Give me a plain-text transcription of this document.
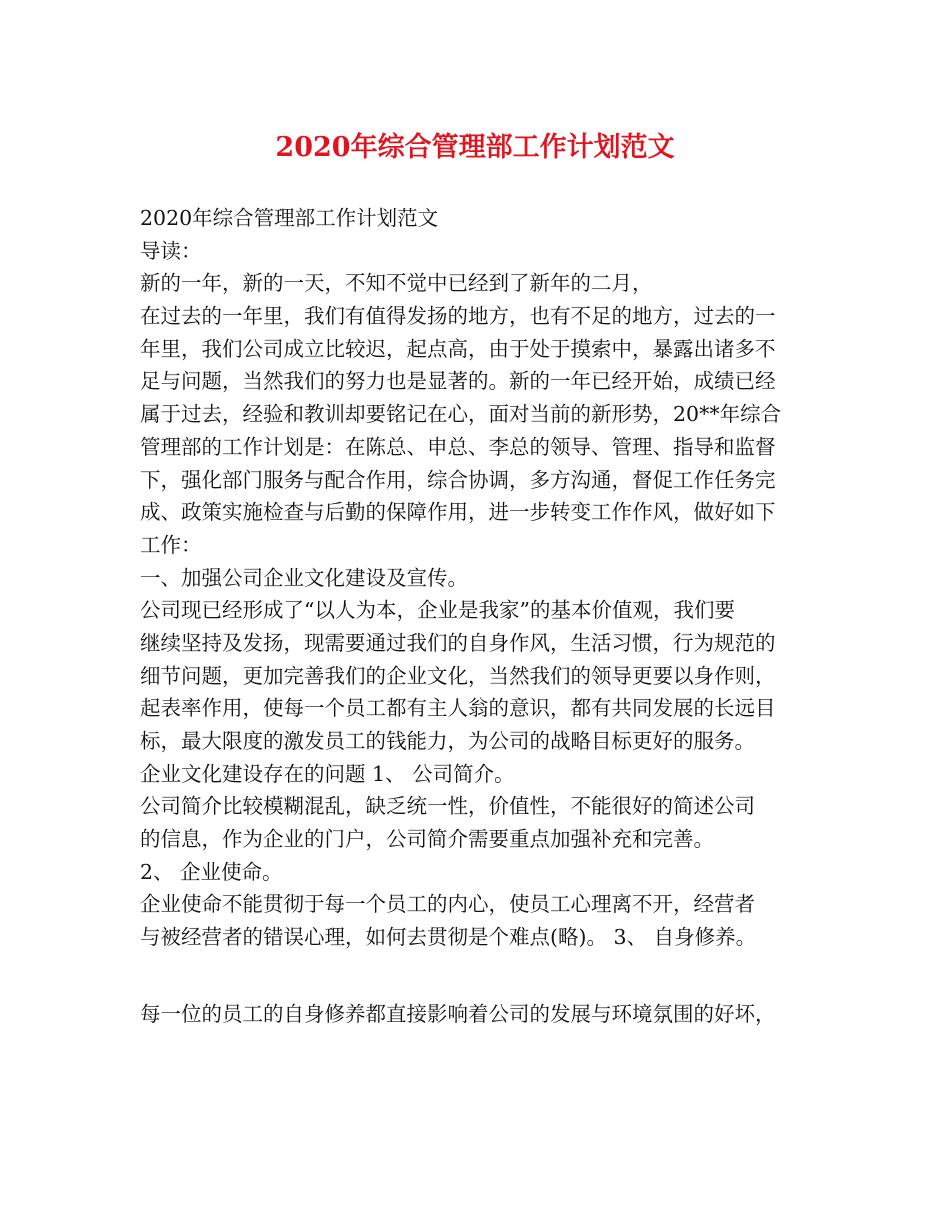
2020年综合管理部工作计划范文
2020年综合管理部工作计划范文
导读：
新的一年，新的一天，不知不觉中已经到了新年的二月，
在过去的一年里，我们有值得发扬的地方，也有不足的地方，过去的一
年里，我们公司成立比较迟，起点高，由于处于摸索中，暴露出诸多不
足与问题，当然我们的努力也是显著的。新的一年已经开始，成绩已经
属于过去，经验和教训却要铭记在心，面对当前的新形势，20**年综合
管理部的工作计划是：在陈总、申总、李总的领导、管理、指导和监督
下，强化部门服务与配合作用，综合协调，多方沟通，督促工作任务完
成、政策实施检查与后勤的保障作用，进一步转变工作作风，做好如下
工作：
一、加强公司企业文化建设及宣传。
公司现已经形成了“以人为本，企业是我家”的基本价值观，我们要
继续坚持及发扬，现需要通过我们的自身作风，生活习惯，行为规范的
细节问题，更加完善我们的企业文化，当然我们的领导更要以身作则，
起表率作用，使每一个员工都有主人翁的意识，都有共同发展的长远目
标，最大限度的激发员工的钱能力，为公司的战略目标更好的服务。
企业文化建设存在的问题 1、 公司简介。
公司简介比较模糊混乱，缺乏统一性，价值性，不能很好的简述公司
的信息，作为企业的门户，公司简介需要重点加强补充和完善。
2、 企业使命。
企业使命不能贯彻于每一个员工的内心，使员工心理离不开，经营者
与被经营者的错误心理，如何去贯彻是个难点(略)。 3、 自身修养。
每一位的员工的自身修养都直接影响着公司的发展与环境氛围的好坏，
